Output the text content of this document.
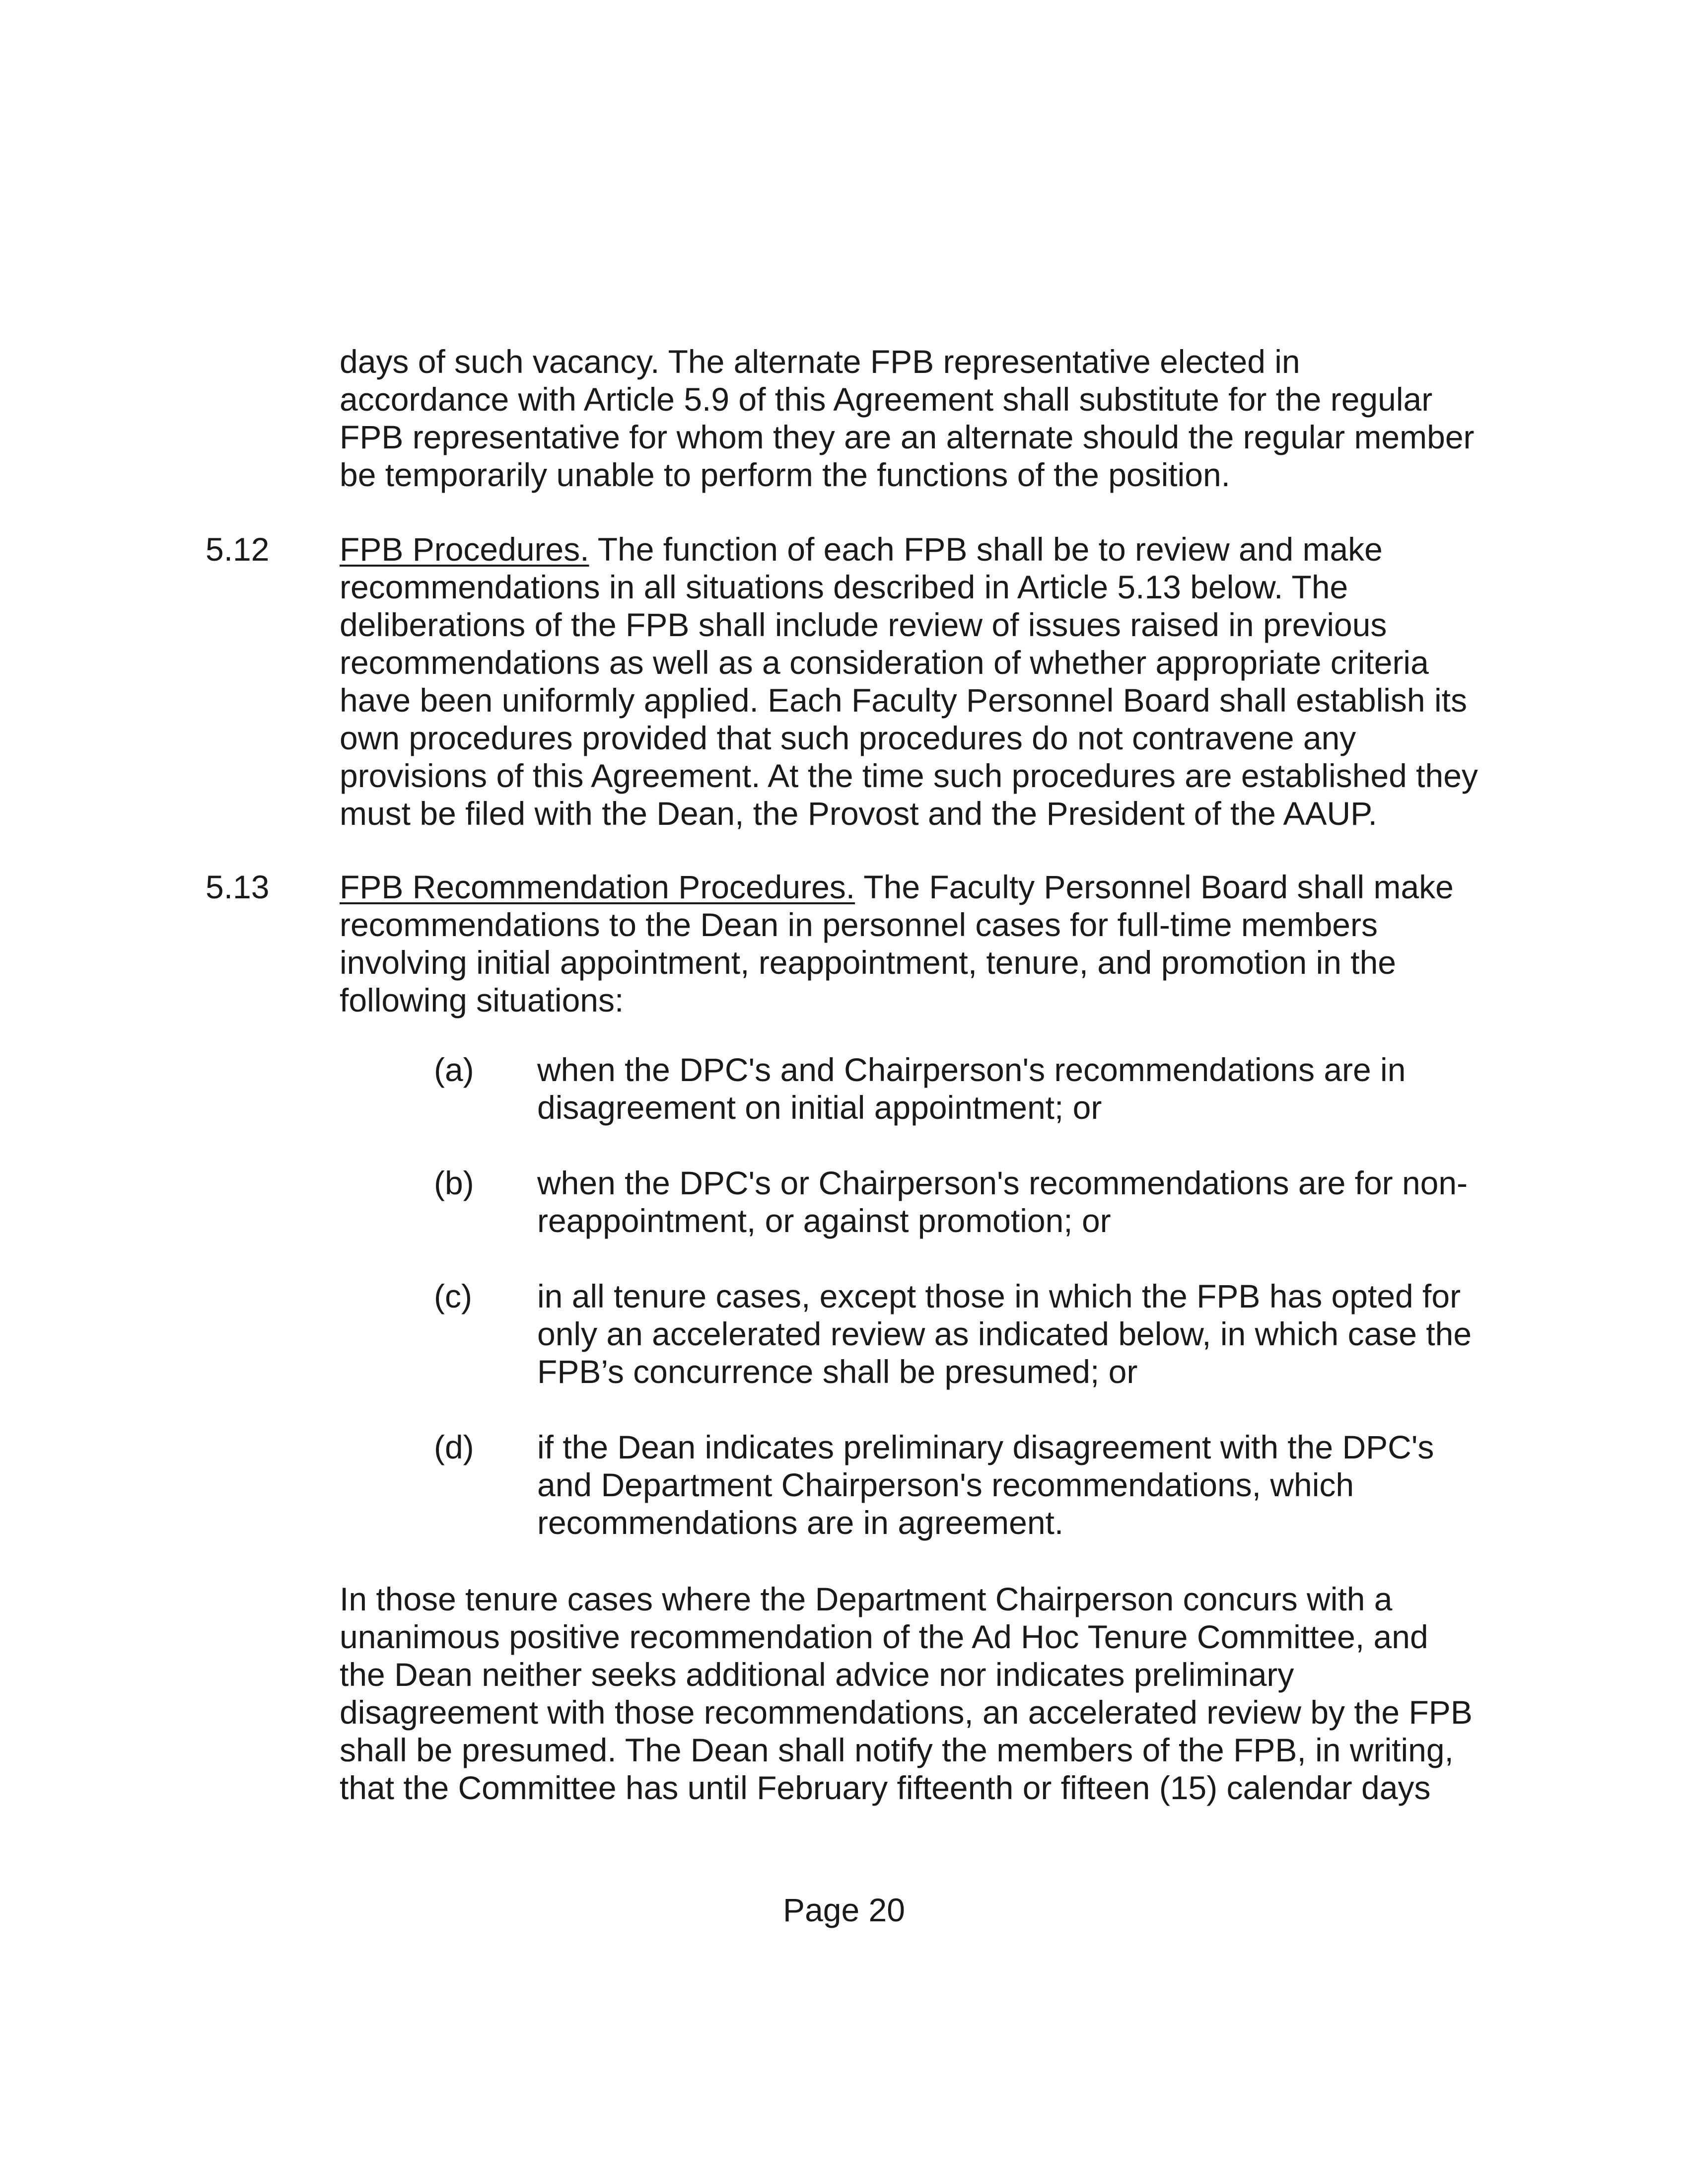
days of such vacancy. The alternate FPB representative elected in
accordance with Article 5.9 of this Agreement shall substitute for the regular
FPB representative for whom they are an alternate should the regular member
be temporarily unable to perform the functions of the position.
5.12 FPB Procedures. The function of each FPB shall be to review and make
recommendations in all situations described in Article 5.13 below. The
deliberations of the FPB shall include review of issues raised in previous
recommendations as well as a consideration of whether appropriate criteria
have been uniformly applied. Each Faculty Personnel Board shall establish its
own procedures provided that such procedures do not contravene any
provisions of this Agreement. At the time such procedures are established they
must be filed with the Dean, the Provost and the President of the AAUP.
5.13 FPB Recommendation Procedures. The Faculty Personnel Board shall make
recommendations to the Dean in personnel cases for full-time members
involving initial appointment, reappointment, tenure, and promotion in the
following situations:
(a) when the DPC's and Chairperson's recommendations are in
disagreement on initial appointment; or
(b) when the DPC's or Chairperson's recommendations are for non-
reappointment, or against promotion; or
(c) in all tenure cases, except those in which the FPB has opted for
only an accelerated review as indicated below, in which case the
FPB’s concurrence shall be presumed; or
(d) if the Dean indicates preliminary disagreement with the DPC's
and Department Chairperson's recommendations, which
recommendations are in agreement.
In those tenure cases where the Department Chairperson concurs with a
unanimous positive recommendation of the Ad Hoc Tenure Committee, and
the Dean neither seeks additional advice nor indicates preliminary
disagreement with those recommendations, an accelerated review by the FPB
shall be presumed. The Dean shall notify the members of the FPB, in writing,
that the Committee has until February fifteenth or fifteen (15) calendar days
Page 20
